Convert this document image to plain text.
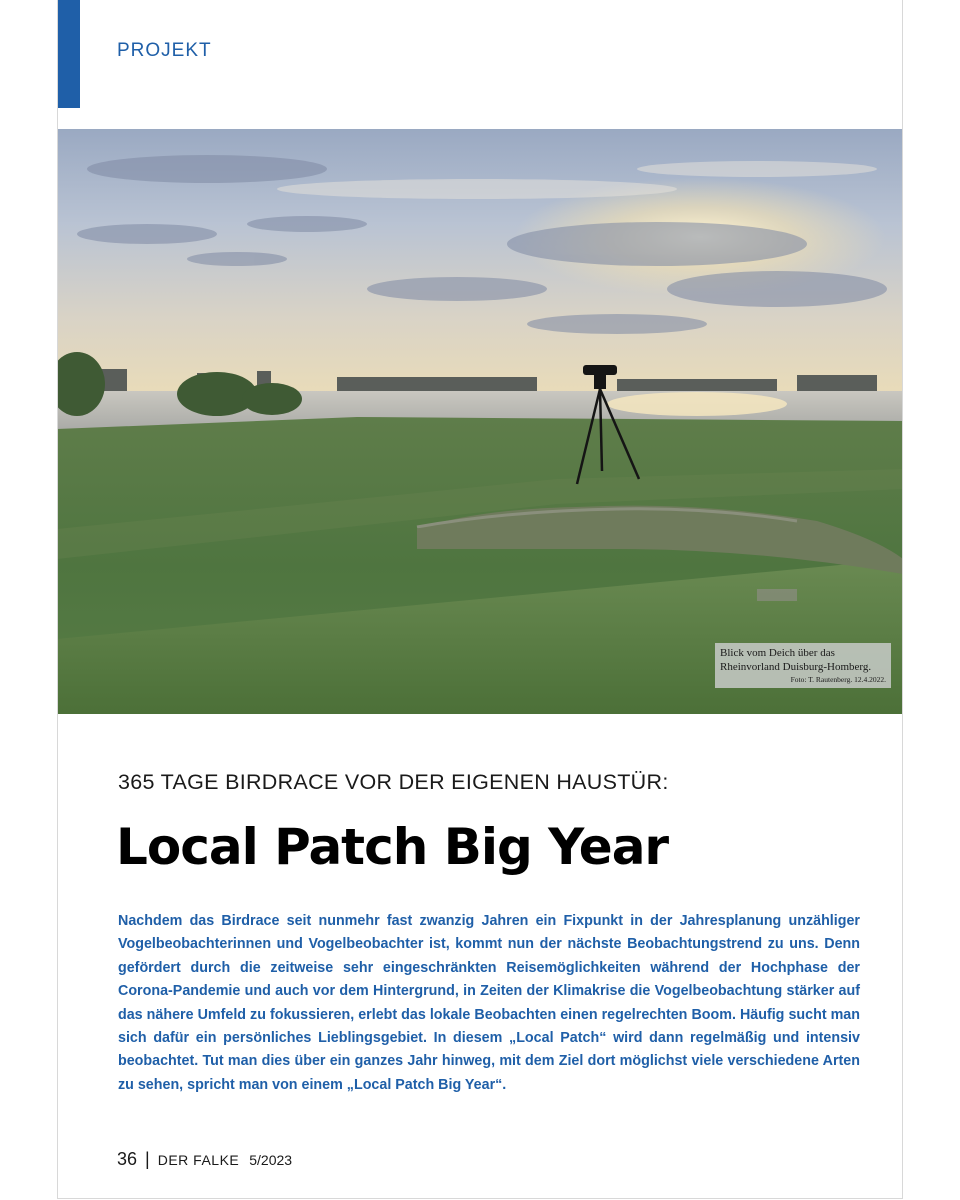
PROJEKT
Blick vom Deich über das Rheinvorland Duisburg-Homberg.
Foto: T. Rautenberg. 12.4.2022.
365 TAGE BIRDRACE VOR DER EIGENEN HAUSTÜR:
Local Patch Big Year
Nachdem das Birdrace seit nunmehr fast zwanzig Jahren ein Fixpunkt in der Jahresplanung unzähliger Vogelbeobachterinnen und Vogelbeobachter ist, kommt nun der nächste Beobachtungstrend zu uns. Denn gefördert durch die zeitweise sehr eingeschränkten Reisemöglichkeiten während der Hochphase der Corona-Pandemie und auch vor dem Hintergrund, in Zeiten der Klimakrise die Vogelbeobachtung stärker auf das nähere Umfeld zu fokussieren, erlebt das lokale Beobachten einen regelrechten Boom. Häufig sucht man sich dafür ein persönliches Lieblingsgebiet. In diesem „Local Patch“ wird dann regelmäßig und intensiv beobachtet. Tut man dies über ein ganzes Jahr hinweg, mit dem Ziel dort möglichst viele verschiedene Arten zu sehen, spricht man von einem „Local Patch Big Year“.
36 | DER FALKE 5/2023
